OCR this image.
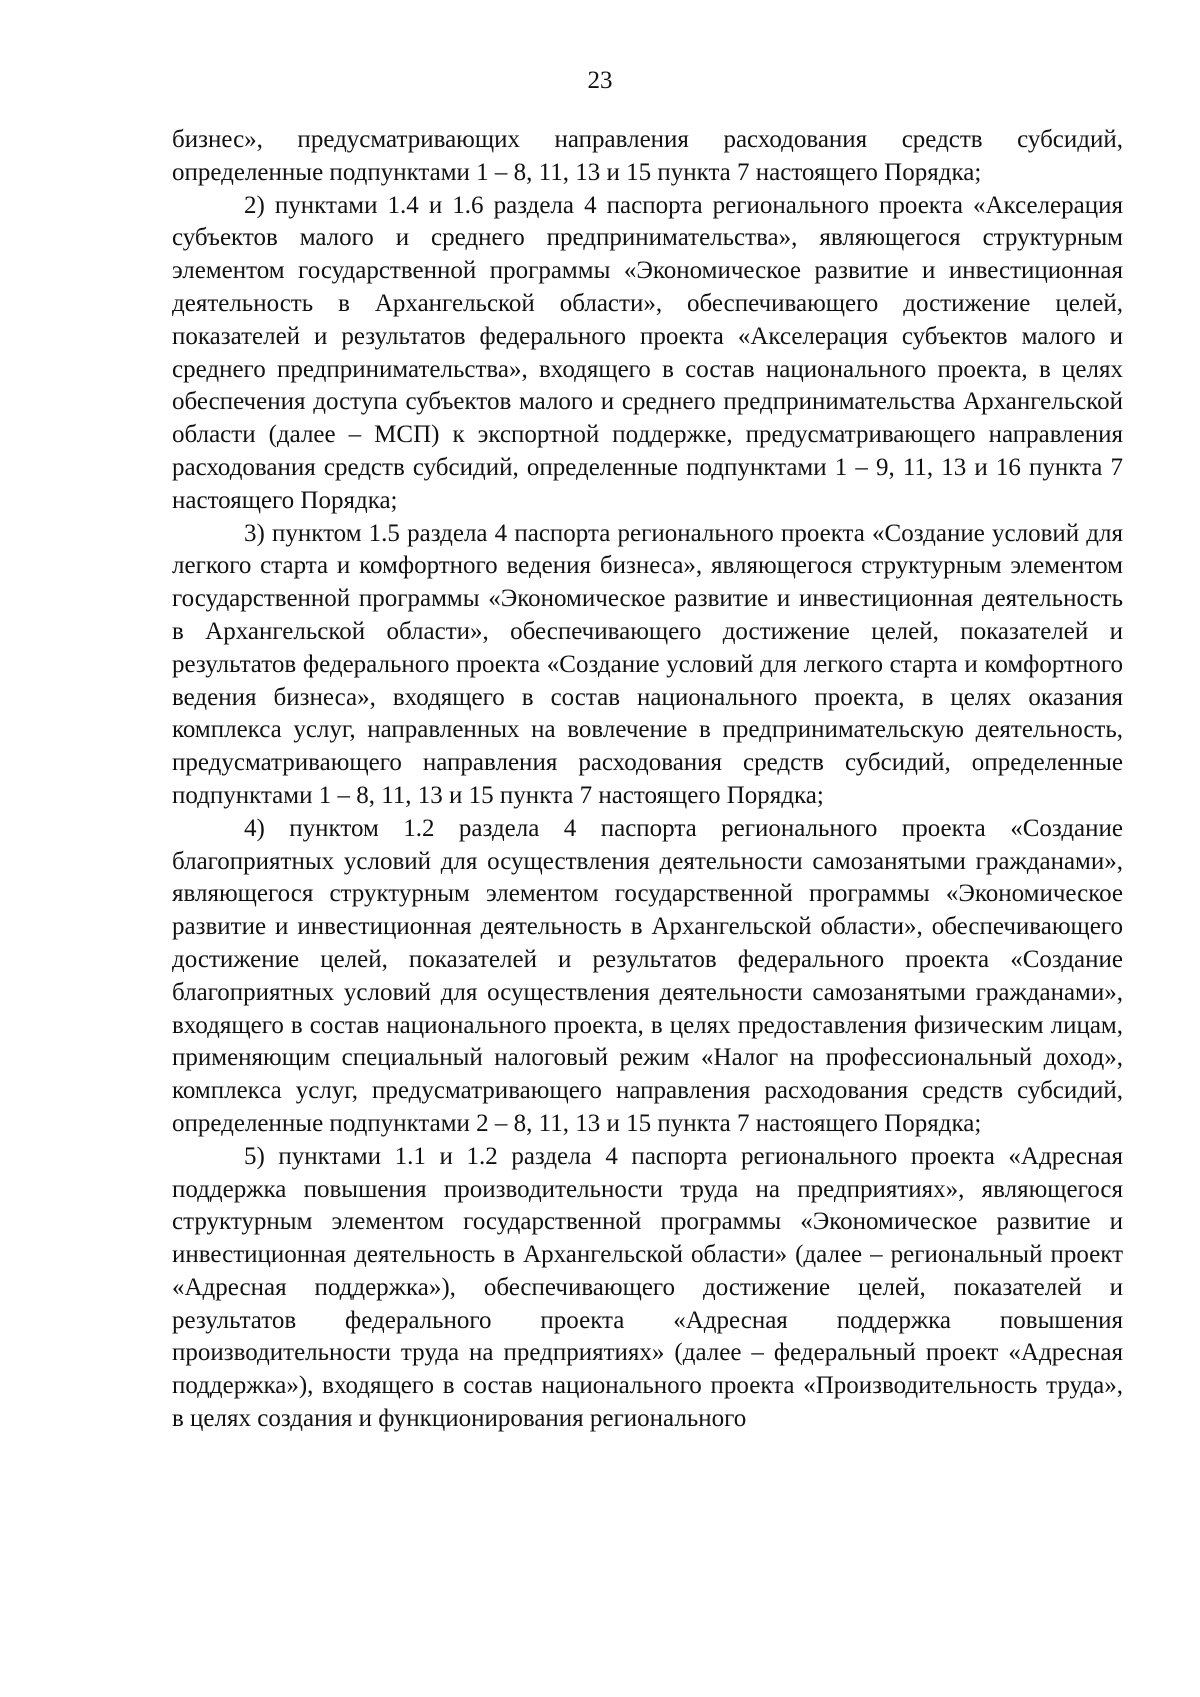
23

бизнес», предусматривающих направления расходования средств субсидий, определенные подпунктами 1 – 8, 11, 13 и 15 пункта 7 настоящего Порядка;

2) пунктами 1.4 и 1.6 раздела 4 паспорта регионального проекта «Акселерация субъектов малого и среднего предпринимательства», являющегося структурным элементом государственной программы «Экономическое развитие и инвестиционная деятельность в Архангельской области», обеспечивающего достижение целей, показателей и результатов федерального проекта «Акселерация субъектов малого и среднего предпринимательства», входящего в состав национального проекта, в целях обеспечения доступа субъектов малого и среднего предпринимательства Архангельской области (далее – МСП) к экспортной поддержке, предусматривающего направления расходования средств субсидий, определенные подпунктами 1 – 9, 11, 13 и 16 пункта 7 настоящего Порядка;

3) пунктом 1.5 раздела 4 паспорта регионального проекта «Создание условий для легкого старта и комфортного ведения бизнеса», являющегося структурным элементом государственной программы «Экономическое развитие и инвестиционная деятельность в Архангельской области», обеспечивающего достижение целей, показателей и результатов федерального проекта «Создание условий для легкого старта и комфортного ведения бизнеса», входящего в состав национального проекта, в целях оказания комплекса услуг, направленных на вовлечение в предпринимательскую деятельность, предусматривающего направления расходования средств субсидий, определенные подпунктами 1 – 8, 11, 13 и 15 пункта 7 настоящего Порядка;

4) пунктом 1.2 раздела 4 паспорта регионального проекта «Создание благоприятных условий для осуществления деятельности самозанятыми гражданами», являющегося структурным элементом государственной программы «Экономическое развитие и инвестиционная деятельность в Архангельской области», обеспечивающего достижение целей, показателей и результатов федерального проекта «Создание благоприятных условий для осуществления деятельности самозанятыми гражданами», входящего в состав национального проекта, в целях предоставления физическим лицам, применяющим специальный налоговый режим «Налог на профессиональный доход», комплекса услуг, предусматривающего направления расходования средств субсидий, определенные подпунктами 2 – 8, 11, 13 и 15 пункта 7 настоящего Порядка;

5) пунктами 1.1 и 1.2 раздела 4 паспорта регионального проекта «Адресная поддержка повышения производительности труда на предприятиях», являющегося структурным элементом государственной программы «Экономическое развитие и инвестиционная деятельность в Архангельской области» (далее – региональный проект «Адресная поддержка»), обеспечивающего достижение целей, показателей и результатов федерального проекта «Адресная поддержка повышения производительности труда на предприятиях» (далее – федеральный проект «Адресная поддержка»), входящего в состав национального проекта «Производительность труда», в целях создания и функционирования регионального
